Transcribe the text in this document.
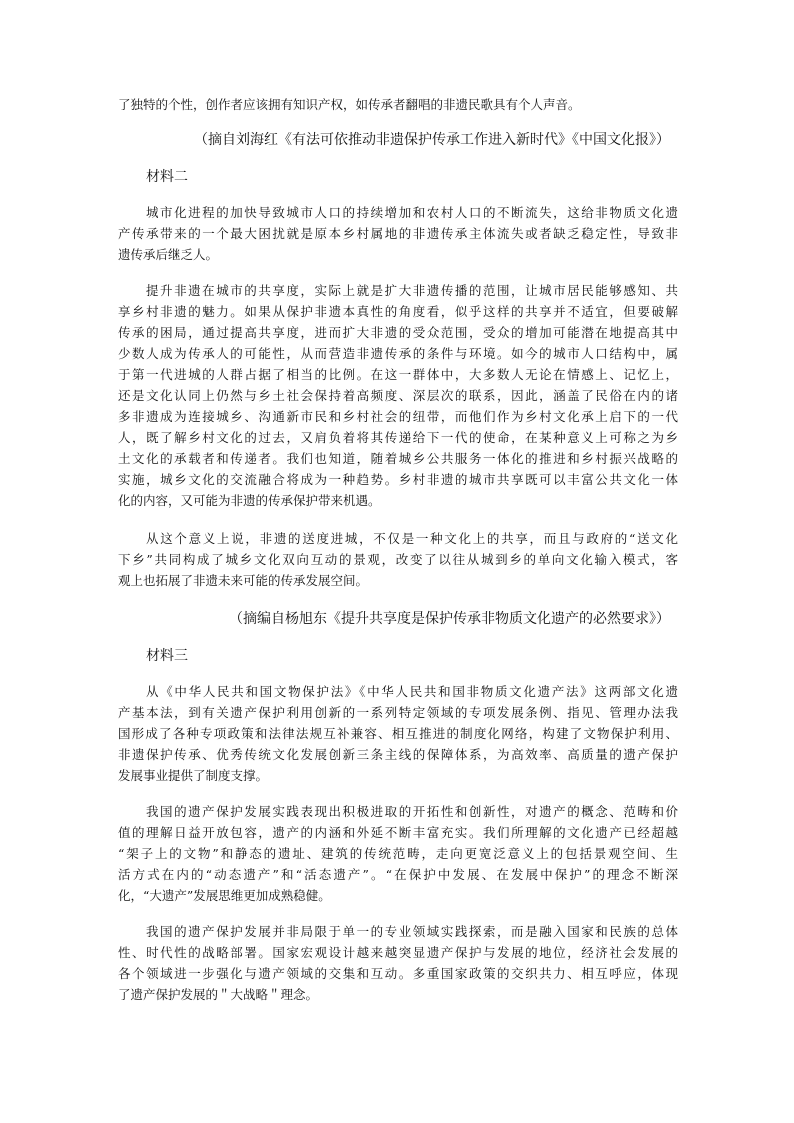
了独特的个性，创作者应该拥有知识产权，如传承者翻唱的非遗民歌具有个人声音。
（摘自刘海红《有法可依推动非遗保护传承工作进入新时代》《中国文化报》）
材料二
城市化进程的加快导致城市人口的持续增加和农村人口的不断流失，这给非物质文化遗
产传承带来的一个最大困扰就是原本乡村属地的非遗传承主体流失或者缺乏稳定性，导致非
遗传承后继乏人。
提升非遗在城市的共享度，实际上就是扩大非遗传播的范围，让城市居民能够感知、共
享乡村非遗的魅力。如果从保护非遗本真性的角度看，似乎这样的共享并不适宜，但要破解
传承的困局，通过提高共享度，进而扩大非遗的受众范围，受众的增加可能潜在地提高其中
少数人成为传承人的可能性，从而营造非遗传承的条件与环境。如今的城市人口结构中，属
于第一代进城的人群占据了相当的比例。在这一群体中，大多数人无论在情感上、记忆上，
还是文化认同上仍然与乡土社会保持着高频度、深层次的联系，因此，涵盖了民俗在内的诸
多非遗成为连接城乡、沟通新市民和乡村社会的纽带，而他们作为乡村文化承上启下的一代
人，既了解乡村文化的过去，又肩负着将其传递给下一代的使命，在某种意义上可称之为乡
土文化的承载者和传递者。我们也知道，随着城乡公共服务一体化的推进和乡村振兴战略的
实施，城乡文化的交流融合将成为一种趋势。乡村非遗的城市共享既可以丰富公共文化一体
化的内容，又可能为非遗的传承保护带来机遇。
从这个意义上说，非遗的送度进城，不仅是一种文化上的共享，而且与政府的“送文化
下乡”共同构成了城乡文化双向互动的景观，改变了以往从城到乡的单向文化输入模式，客
观上也拓展了非遗未来可能的传承发展空间。
（摘编自杨旭东《提升共享度是保护传承非物质文化遗产的必然要求》）
材料三
从《中华人民共和国文物保护法》《中华人民共和国非物质文化遗产法》这两部文化遗
产基本法，到有关遗产保护利用创新的一系列特定领域的专项发展条例、指见、管理办法我
国形成了各种专项政策和法律法规互补兼容、相互推进的制度化网络，构建了文物保护利用、
非遗保护传承、优秀传统文化发展创新三条主线的保障体系，为高效率、高质量的遗产保护
发展事业提供了制度支撑。
我国的遗产保护发展实践表现出积极进取的开拓性和创新性，对遗产的概念、范畴和价
值的理解日益开放包容，遗产的内涵和外延不断丰富充实。我们所理解的文化遗产已经超越
“架子上的文物”和静态的遗址、建筑的传统范畴，走向更宽泛意义上的包括景观空间、生
活方式在内的“动态遗产”和“活态遗产”。“在保护中发展、在发展中保护”的理念不断深
化，“大遗产”发展思维更加成熟稳健。
我国的遗产保护发展并非局限于单一的专业领域实践探索，而是融入国家和民族的总体
性、时代性的战略部署。国家宏观设计越来越突显遗产保护与发展的地位，经济社会发展的
各个领域进一步强化与遗产领域的交集和互动。多重国家政策的交织共力、相互呼应，体现
了遗产保护发展的＂大战略＂理念。
